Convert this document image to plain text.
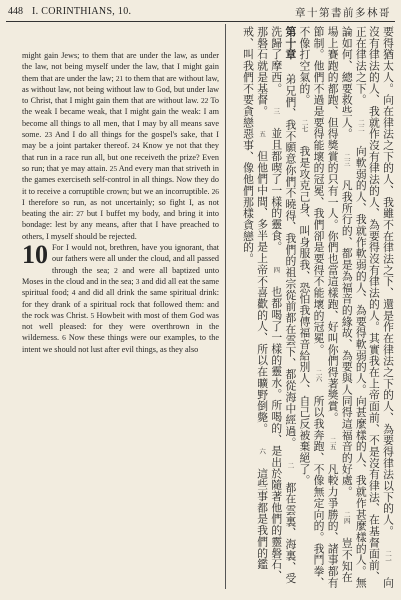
448 I. CORINTHIANS, 10.	章十第書前多林哥

might gain Jews; to them that are under the law, as under the law, not being myself under the law, that I might gain them that are under the law; 21 to them that are without law, as without law, not being without law to God, but under law to Christ, that I might gain them that are without law. 22 To the weak I became weak, that I might gain the weak: I am become all things to all men, that I may by all means save some. 23 And I do all things for the gospel's sake, that I may be a joint partaker thereof. 24 Know ye not that they that run in a race run all, but one receiveth the prize? Even so run; that ye may attain. 25 And every man that striveth in the games exerciseth self-control in all things. Now they do it to receive a corruptible crown; but we an incorruptible. 26 I therefore so run, as not uncertainly; so fight I, as not beating the air: 27 but I buffet my body, and bring it into bondage: lest by any means, after that I have preached to others, I myself should be rejected.

10 For I would not, brethren, have you ignorant, that our fathers were all under the cloud, and all passed through the sea; 2 and were all baptized unto Moses in the cloud and in the sea; 3 and did all eat the same spiritual food; 4 and did all drink the same spiritual drink: for they drank of a spiritual rock that followed them: and the rock was Christ. 5 Howbeit with most of them God was not well pleased: for they were overthrown in the wilderness. 6 Now these things were our examples, to the intent we should not lust after evil things, as they also	要得猶太人。向在律法之下的人、我雖不在律法之下、還是作在律法之下的人、為要得律法以下的人。 二一 向沒有律法的人、我就作沒有律法的人、為要得沒有律法的人。其實我在上帝面前、不是沒有律法、在基督面前、正在律法之下。 二二 向軟弱的人、我就作軟弱的人、為要得軟弱的人。向甚麼樣的人、我就作甚麼樣的人。無論如何、總要救些人。 二三 凡我所行的、都是為福音的緣故、為要與人同得這福音的好處。 二四 豈不知在場上賽跑的都跑、但得獎賞的只有一人。你們也當這樣跑、好叫你們得著獎賞。 二五 凡較力爭勝的、諸事都有節制。他們不過是要得能壞的冠冕、我們卻是要得不能壞的冠冕。 二六 所以我奔跑、不像無定向的。我鬥拳、不像打空氣的。 二七 我是攻克己身、叫身服我、恐怕我傳福音給別人、自己反被棄絕了。

第十章 弟兄們、我不願意你們不曉得、我們的祖宗從前都在雲下、都從海中經過。 二 都在雲裏、海裏、受洗歸了摩西。 三 並且都喫了一樣的靈食。 四 也都喝了一樣的靈水。所喝的、是出於隨著他們的靈磐石、那磐石就是基督。 五 但他們中間、多半是上帝不喜歡的人、所以在曠野倒斃。 六 這些事都是我們的鑑戒、叫我們不要貪戀惡事、像他們那樣貪戀的。
